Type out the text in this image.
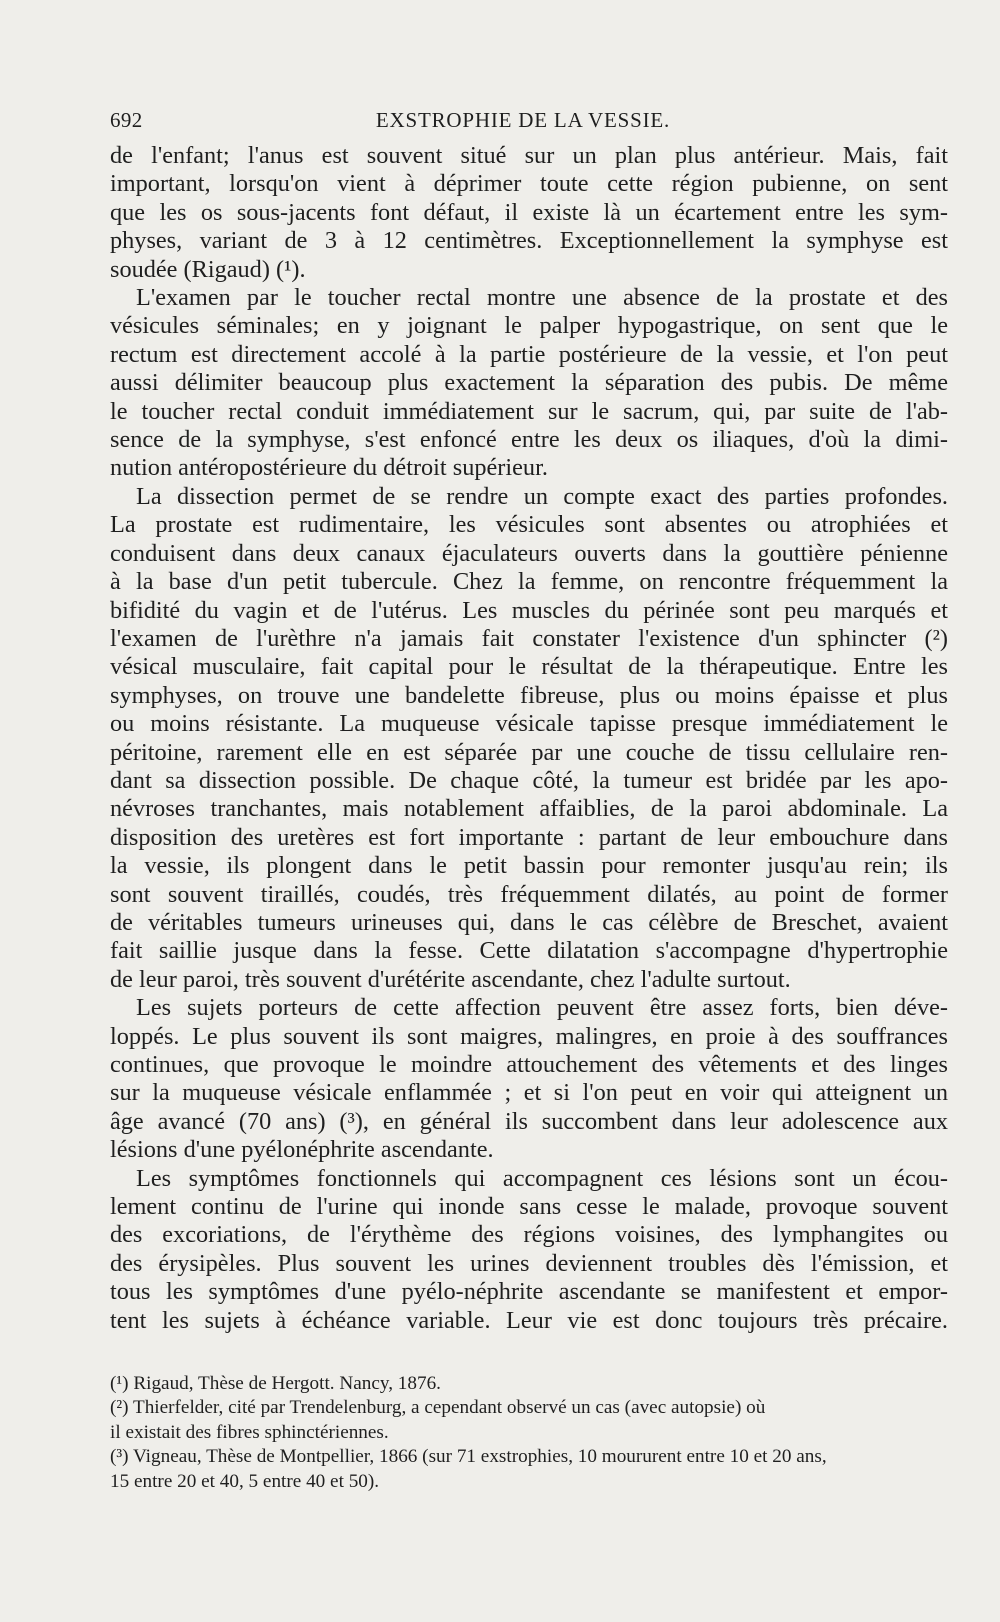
692	EXSTROPHIE DE LA VESSIE.
de l'enfant; l'anus est souvent situé sur un plan plus antérieur. Mais, fait
important, lorsqu'on vient à déprimer toute cette région pubienne, on sent
que les os sous-jacents font défaut, il existe là un écartement entre les sym-
physes, variant de 3 à 12 centimètres. Exceptionnellement la symphyse est
soudée (Rigaud) (¹).
L'examen par le toucher rectal montre une absence de la prostate et des
vésicules séminales; en y joignant le palper hypogastrique, on sent que le
rectum est directement accolé à la partie postérieure de la vessie, et l'on peut
aussi délimiter beaucoup plus exactement la séparation des pubis. De même
le toucher rectal conduit immédiatement sur le sacrum, qui, par suite de l'ab-
sence de la symphyse, s'est enfoncé entre les deux os iliaques, d'où la dimi-
nution antéropostérieure du détroit supérieur.
La dissection permet de se rendre un compte exact des parties profondes.
La prostate est rudimentaire, les vésicules sont absentes ou atrophiées et
conduisent dans deux canaux éjaculateurs ouverts dans la gouttière pénienne
à la base d'un petit tubercule. Chez la femme, on rencontre fréquemment la
bifidité du vagin et de l'utérus. Les muscles du périnée sont peu marqués et
l'examen de l'urèthre n'a jamais fait constater l'existence d'un sphincter (²)
vésical musculaire, fait capital pour le résultat de la thérapeutique. Entre les
symphyses, on trouve une bandelette fibreuse, plus ou moins épaisse et plus
ou moins résistante. La muqueuse vésicale tapisse presque immédiatement le
péritoine, rarement elle en est séparée par une couche de tissu cellulaire ren-
dant sa dissection possible. De chaque côté, la tumeur est bridée par les apo-
névroses tranchantes, mais notablement affaiblies, de la paroi abdominale. La
disposition des uretères est fort importante : partant de leur embouchure dans
la vessie, ils plongent dans le petit bassin pour remonter jusqu'au rein; ils
sont souvent tiraillés, coudés, très fréquemment dilatés, au point de former
de véritables tumeurs urineuses qui, dans le cas célèbre de Breschet, avaient
fait saillie jusque dans la fesse. Cette dilatation s'accompagne d'hypertrophie
de leur paroi, très souvent d'urétérite ascendante, chez l'adulte surtout.
Les sujets porteurs de cette affection peuvent être assez forts, bien déve-
loppés. Le plus souvent ils sont maigres, malingres, en proie à des souffrances
continues, que provoque le moindre attouchement des vêtements et des linges
sur la muqueuse vésicale enflammée ; et si l'on peut en voir qui atteignent un
âge avancé (70 ans) (³), en général ils succombent dans leur adolescence aux
lésions d'une pyélonéphrite ascendante.
Les symptômes fonctionnels qui accompagnent ces lésions sont un écou-
lement continu de l'urine qui inonde sans cesse le malade, provoque souvent
des excoriations, de l'érythème des régions voisines, des lymphangites ou
des érysipèles. Plus souvent les urines deviennent troubles dès l'émission, et
tous les symptômes d'une pyélo-néphrite ascendante se manifestent et empor-
tent les sujets à échéance variable. Leur vie est donc toujours très précaire.
(¹) Rigaud, Thèse de Hergott. Nancy, 1876.
(²) Thierfelder, cité par Trendelenburg, a cependant observé un cas (avec autopsie) où
il existait des fibres sphinctériennes.
(³) Vigneau, Thèse de Montpellier, 1866 (sur 71 exstrophies, 10 moururent entre 10 et 20 ans,
15 entre 20 et 40, 5 entre 40 et 50).
